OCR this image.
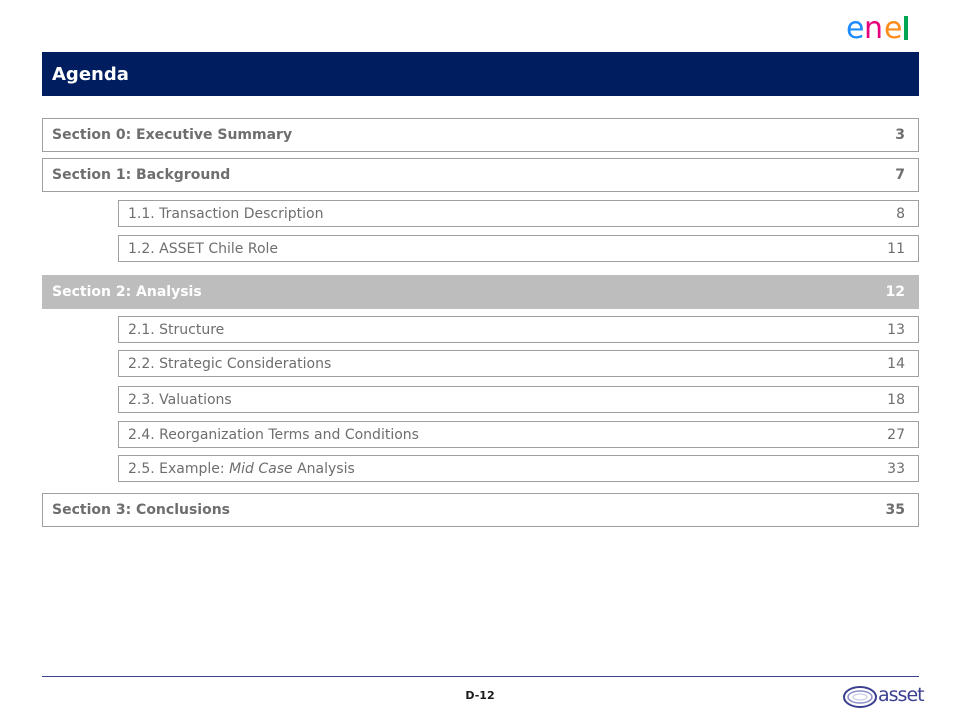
e n e
Agenda
Section 0: Executive Summary	3
Section 1: Background	7
1.1. Transaction Description	8
1.2. ASSET Chile Role	11
Section 2: Analysis	12
2.1. Structure	13
2.2. Strategic Considerations	14
2.3. Valuations	18
2.4. Reorganization Terms and Conditions	27
2.5. Example: Mid Case Analysis	33
Section 3: Conclusions	35
D-12	asset
